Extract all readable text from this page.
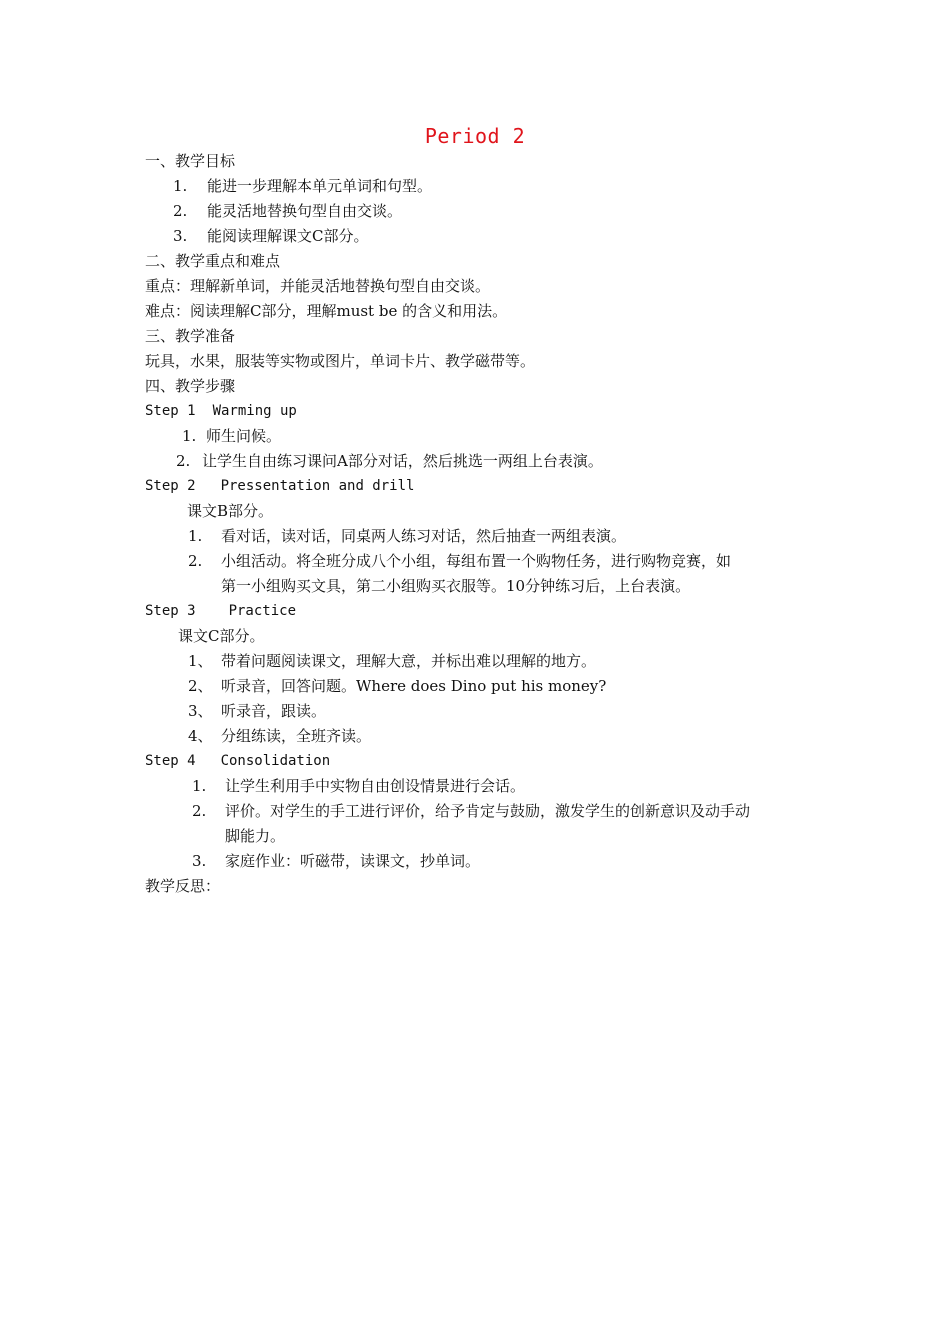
Period 2
一、教学目标
1. 能进一步理解本单元单词和句型。
2. 能灵活地替换句型自由交谈。
3. 能阅读理解课文C部分。
二、教学重点和难点
重点：理解新单词，并能灵活地替换句型自由交谈。
难点：阅读理解C部分，理解must be 的含义和用法。
三、教学准备
玩具，水果，服装等实物或图片，单词卡片、教学磁带等。
四、教学步骤
Step 1 Warming up
1. 师生问候。
2. 让学生自由练习课问A部分对话，然后挑选一两组上台表演。
Step 2 Pressentation and drill
课文B部分。
1. 看对话，读对话，同桌两人练习对话，然后抽查一两组表演。
2. 小组活动。将全班分成八个小组，每组布置一个购物任务，进行购物竞赛，如
第一小组购买文具，第二小组购买衣服等。10分钟练习后，上台表演。
Step 3 Practice
课文C部分。
1、 带着问题阅读课文，理解大意，并标出难以理解的地方。
2、 听录音，回答问题。Where does Dino put his money?
3、 听录音，跟读。
4、 分组练读，全班齐读。
Step 4 Consolidation
1. 让学生利用手中实物自由创设情景进行会话。
2. 评价。对学生的手工进行评价，给予肯定与鼓励，激发学生的创新意识及动手动
脚能力。
3. 家庭作业：听磁带，读课文，抄单词。
教学反思：
